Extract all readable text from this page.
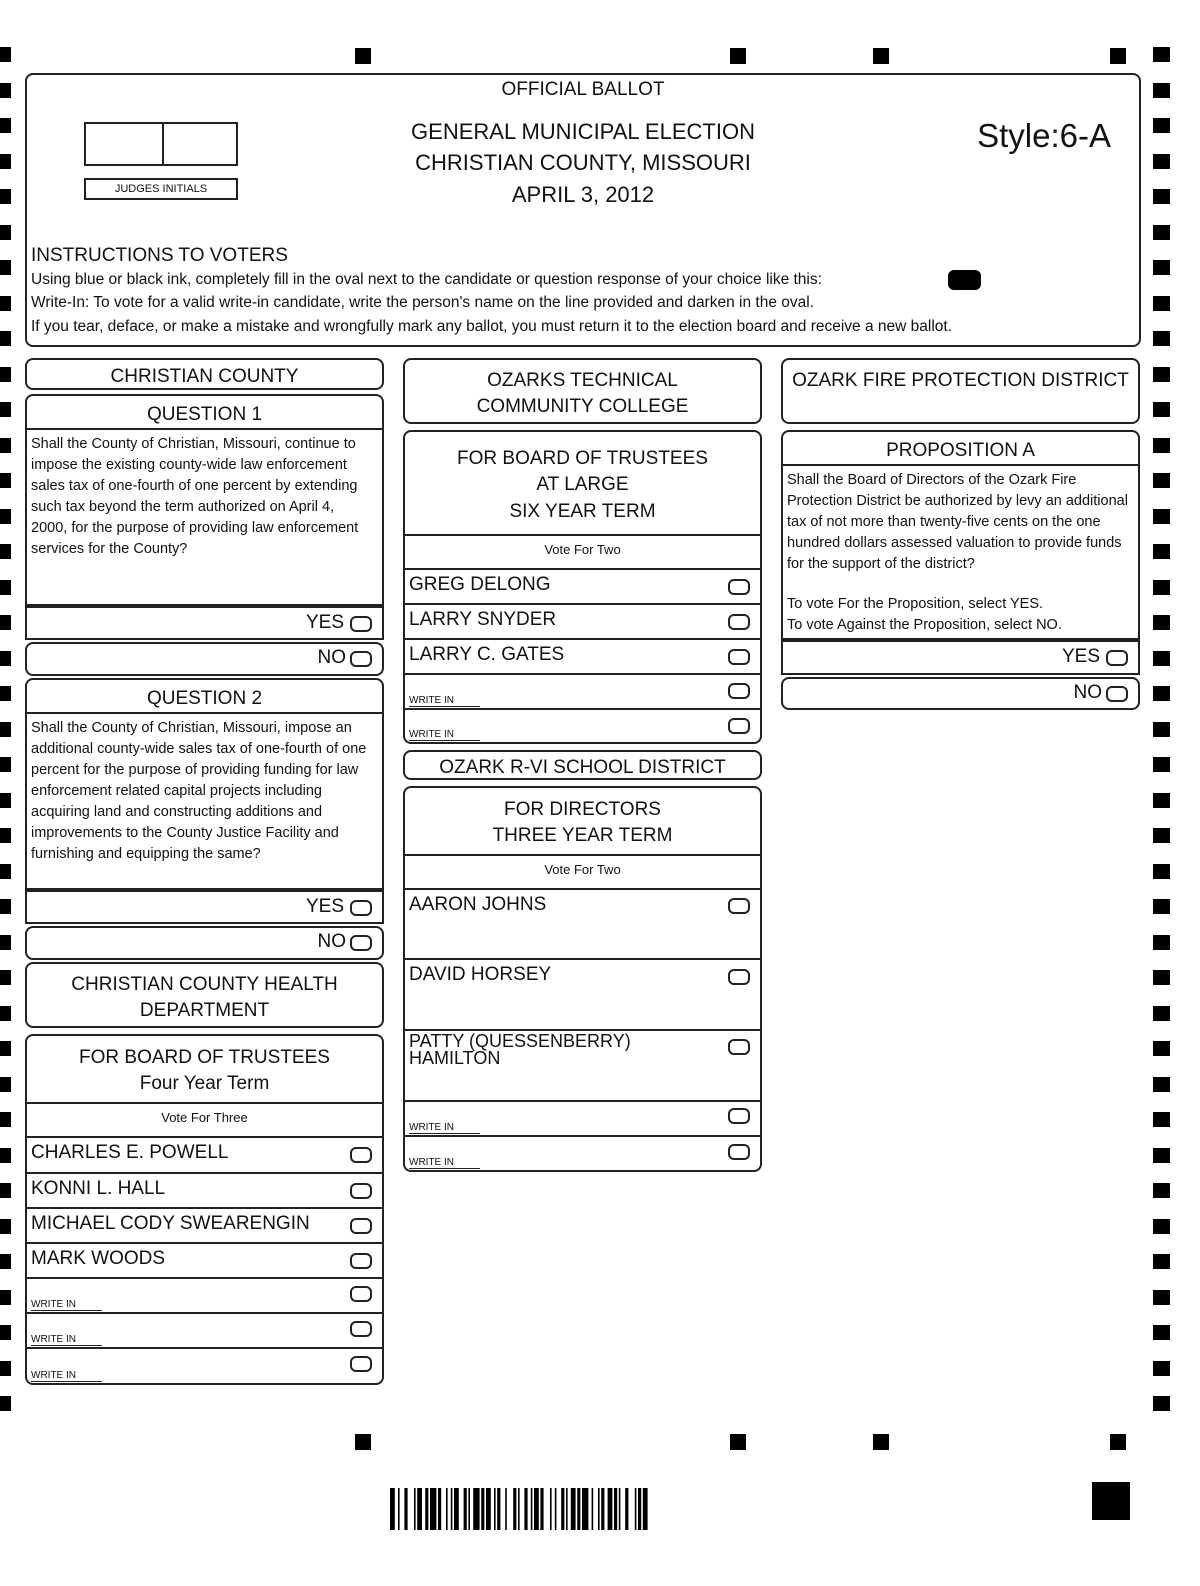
OFFICIAL BALLOT
GENERAL MUNICIPAL ELECTION
CHRISTIAN COUNTY, MISSOURI
APRIL 3, 2012
Style:6-A
JUDGES INITIALS
INSTRUCTIONS TO VOTERS
Using blue or black ink, completely fill in the oval next to the candidate or question response of your choice like this:
Write-In: To vote for a valid write-in candidate, write the person's name on the line provided and darken in the oval.
If you tear, deface, or make a mistake and wrongfully mark any ballot, you must return it to the election board and receive a new ballot.
CHRISTIAN COUNTY
QUESTION 1
Shall the County of Christian, Missouri, continue to impose the existing county-wide law enforcement sales tax of one-fourth of one percent by extending such tax beyond the term authorized on April 4, 2000, for the purpose of providing law enforcement services for the County?
YES
NO
QUESTION 2
Shall the County of Christian, Missouri, impose an additional county-wide sales tax of one-fourth of one percent for the purpose of providing funding for law enforcement related capital projects including acquiring land and constructing additions and improvements to the County Justice Facility and furnishing and equipping the same?
YES
NO
CHRISTIAN COUNTY HEALTH
DEPARTMENT
FOR BOARD OF TRUSTEES
Four Year Term
Vote For Three
CHARLES E. POWELL
KONNI L. HALL
MICHAEL CODY SWEARENGIN
MARK WOODS
WRITE IN
WRITE IN
WRITE IN
OZARKS TECHNICAL
COMMUNITY COLLEGE
FOR BOARD OF TRUSTEES
AT LARGE
SIX YEAR TERM
Vote For Two
GREG DELONG
LARRY SNYDER
LARRY C. GATES
WRITE IN
WRITE IN
OZARK R-VI SCHOOL DISTRICT
FOR DIRECTORS
THREE YEAR TERM
Vote For Two
AARON JOHNS
DAVID HORSEY
PATTY (QUESSENBERRY)
HAMILTON
WRITE IN
WRITE IN
OZARK FIRE PROTECTION DISTRICT
PROPOSITION A
Shall the Board of Directors of the Ozark Fire Protection District be authorized by levy an additional tax of not more than twenty-five cents on the one hundred dollars assessed valuation to provide funds for the support of the district?
To vote For the Proposition, select YES.
To vote Against the Proposition, select NO.
YES
NO
